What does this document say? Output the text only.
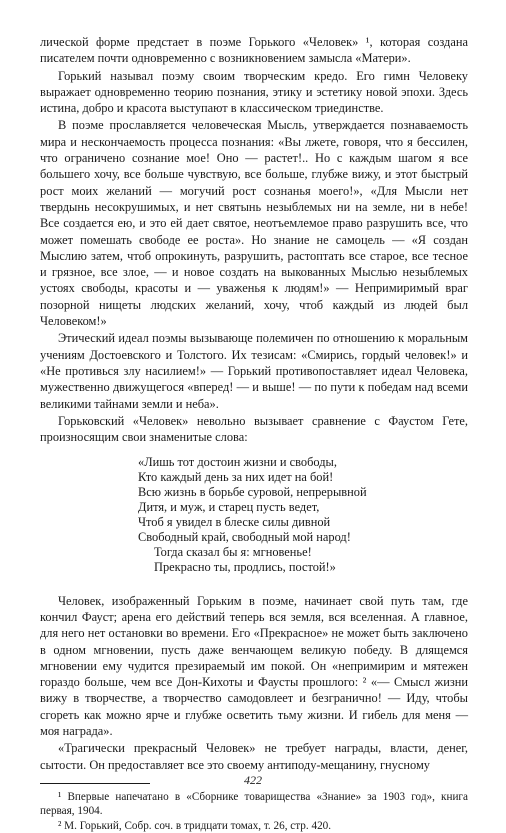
лической форме предстает в поэме Горького «Человек» ¹, которая создана писателем почти одновременно с возникновением замысла «Матери».

Горький называл поэму своим творческим кредо. Его гимн Человеку выражает одновременно теорию познания, этику и эстетику новой эпохи. Здесь истина, добро и красота выступают в классическом триединстве.

В поэме прославляется человеческая Мысль, утверждается познаваемость мира и нескончаемость процесса познания: «Вы лжете, говоря, что я бессилен, что ограничено сознание мое! Оно — растет!.. Но с каждым шагом я все большего хочу, все больше чувствую, все больше, глубже вижу, и этот быстрый рост моих желаний — могучий рост сознанья моего!», «Для Мысли нет твердынь несокрушимых, и нет святынь незыблемых ни на земле, ни в небе! Все создается ею, и это ей дает святое, неотъемлемое право разрушить все, что может помешать свободе ее роста». Но знание не самоцель — «Я создан Мыслию затем, чтоб опрокинуть, разрушить, растоптать все старое, все тесное и грязное, все злое, — и новое создать на выкованных Мыслью незыблемых устоях свободы, красоты и — уваженья к людям!» — Непримиримый враг позорной нищеты людских желаний, хочу, чтоб каждый из людей был Человеком!»

Этический идеал поэмы вызывающе полемичен по отношению к моральным учениям Достоевского и Толстого. Их тезисам: «Смирись, гордый человек!» и «Не противься злу насилием!» — Горький противопоставляет идеал Человека, мужественно движущегося «вперед! — и выше! — по пути к победам над всеми великими тайнами земли и неба».

Горьковский «Человек» невольно вызывает сравнение с Фаустом Гете, произносящим свои знаменитые слова:

«Лишь тот достоин жизни и свободы,
Кто каждый день за них идет на бой!
Всю жизнь в борьбе суровой, непрерывной
Дитя, и муж, и старец пусть ведет,
Чтоб я увидел в блеске силы дивной
Свободный край, свободный мой народ!
Тогда сказал бы я: мгновенье!
Прекрасно ты, продлись, постой!»

Человек, изображенный Горьким в поэме, начинает свой путь там, где кончил Фауст; арена его действий теперь вся земля, вся вселенная. А главное, для него нет остановки во времени. Его «Прекрасное» не может быть заключено в одном мгновении, пусть даже венчающем великую победу. В длящемся мгновении ему чудится презираемый им покой. Он «непримирим и мятежен гораздо больше, чем все Дон-Кихоты и Фаусты прошлого: ² «— Смысл жизни вижу в творчестве, а творчество самодовлеет и безгранично! — Иду, чтобы сгореть как можно ярче и глубже осветить тьму жизни. И гибель для меня — моя награда».

«Трагически прекрасный Человек» не требует награды, власти, денег, сытости. Он предоставляет все это своему антиподу-мещанину, гнусному

¹ Впервые напечатано в «Сборнике товарищества «Знание» за 1903 год», книга первая, 1904.

² М. Горький, Собр. соч. в тридцати томах, т. 26, стр. 420.

422
